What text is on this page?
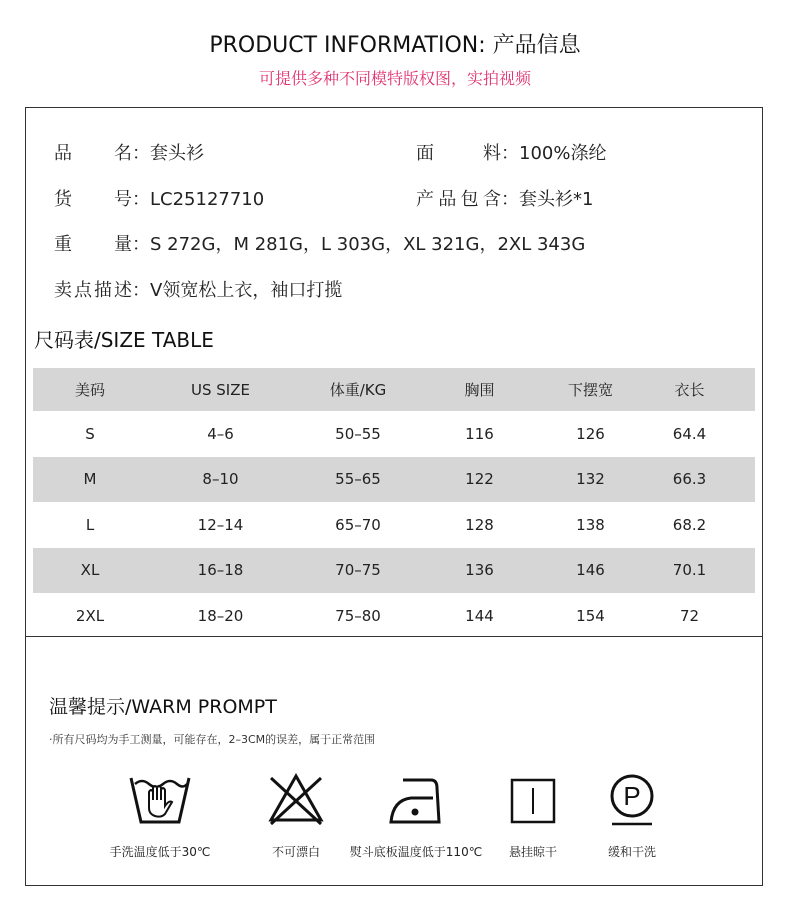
PRODUCT INFORMATION: 产品信息
可提供多种不同模特版权图，实拍视频
品名：套头衫	面料：100%涤纶
货号：LC25127710	产品包含：套头衫*1
重量：S 272G，M 281G，L 303G，XL 321G，2XL 343G
卖点描述：V领宽松上衣，袖口打揽
尺码表/SIZE TABLE
美码	US SIZE	体重/KG	胸围	下摆宽	衣长
S	4–6	50–55	116	126	64.4
M	8–10	55–65	122	132	66.3
L	12–14	65–70	128	138	68.2
XL	16–18	70–75	136	146	70.1
2XL	18–20	75–80	144	154	72
温馨提示/WARM PROMPT
·所有尺码均为手工测量，可能存在，2–3CM的误差，属于正常范围
手洗温度低于30℃	不可漂白	熨斗底板温度低于110℃	悬挂晾干
P
缓和干洗
